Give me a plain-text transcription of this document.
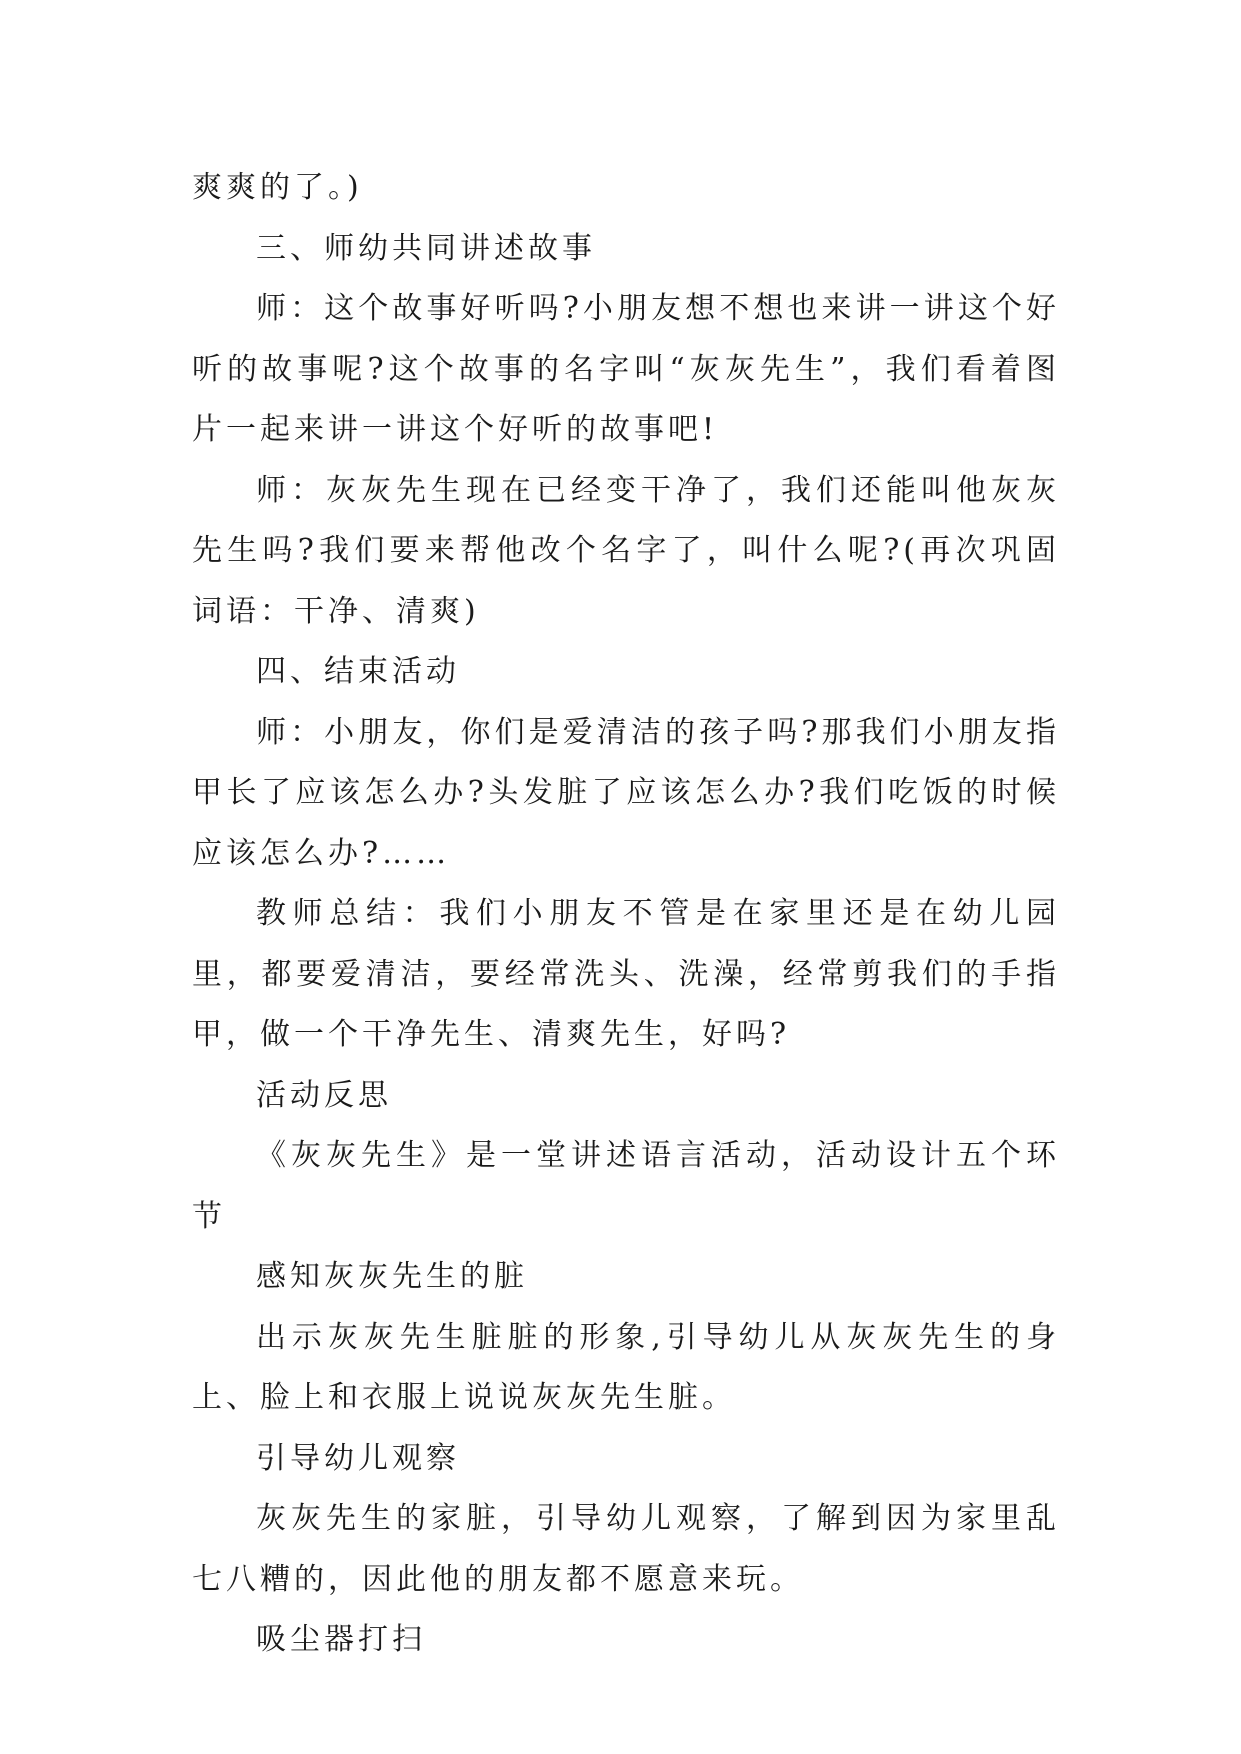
爽爽的了。)

三、师幼共同讲述故事

师：这个故事好听吗?小朋友想不想也来讲一讲这个好听的故事呢?这个故事的名字叫“灰灰先生”，我们看着图片一起来讲一讲这个好听的故事吧!

师：灰灰先生现在已经变干净了，我们还能叫他灰灰先生吗?我们要来帮他改个名字了，叫什么呢?(再次巩固词语：干净、清爽)

四、结束活动

师：小朋友，你们是爱清洁的孩子吗?那我们小朋友指甲长了应该怎么办?头发脏了应该怎么办?我们吃饭的时候应该怎么办?……

教师总结：我们小朋友不管是在家里还是在幼儿园里，都要爱清洁，要经常洗头、洗澡，经常剪我们的手指甲，做一个干净先生、清爽先生，好吗?

活动反思

《灰灰先生》是一堂讲述语言活动，活动设计五个环节

感知灰灰先生的脏

出示灰灰先生脏脏的形象,引导幼儿从灰灰先生的身上、脸上和衣服上说说灰灰先生脏。

引导幼儿观察

灰灰先生的家脏，引导幼儿观察，了解到因为家里乱七八糟的，因此他的朋友都不愿意来玩。

吸尘器打扫
